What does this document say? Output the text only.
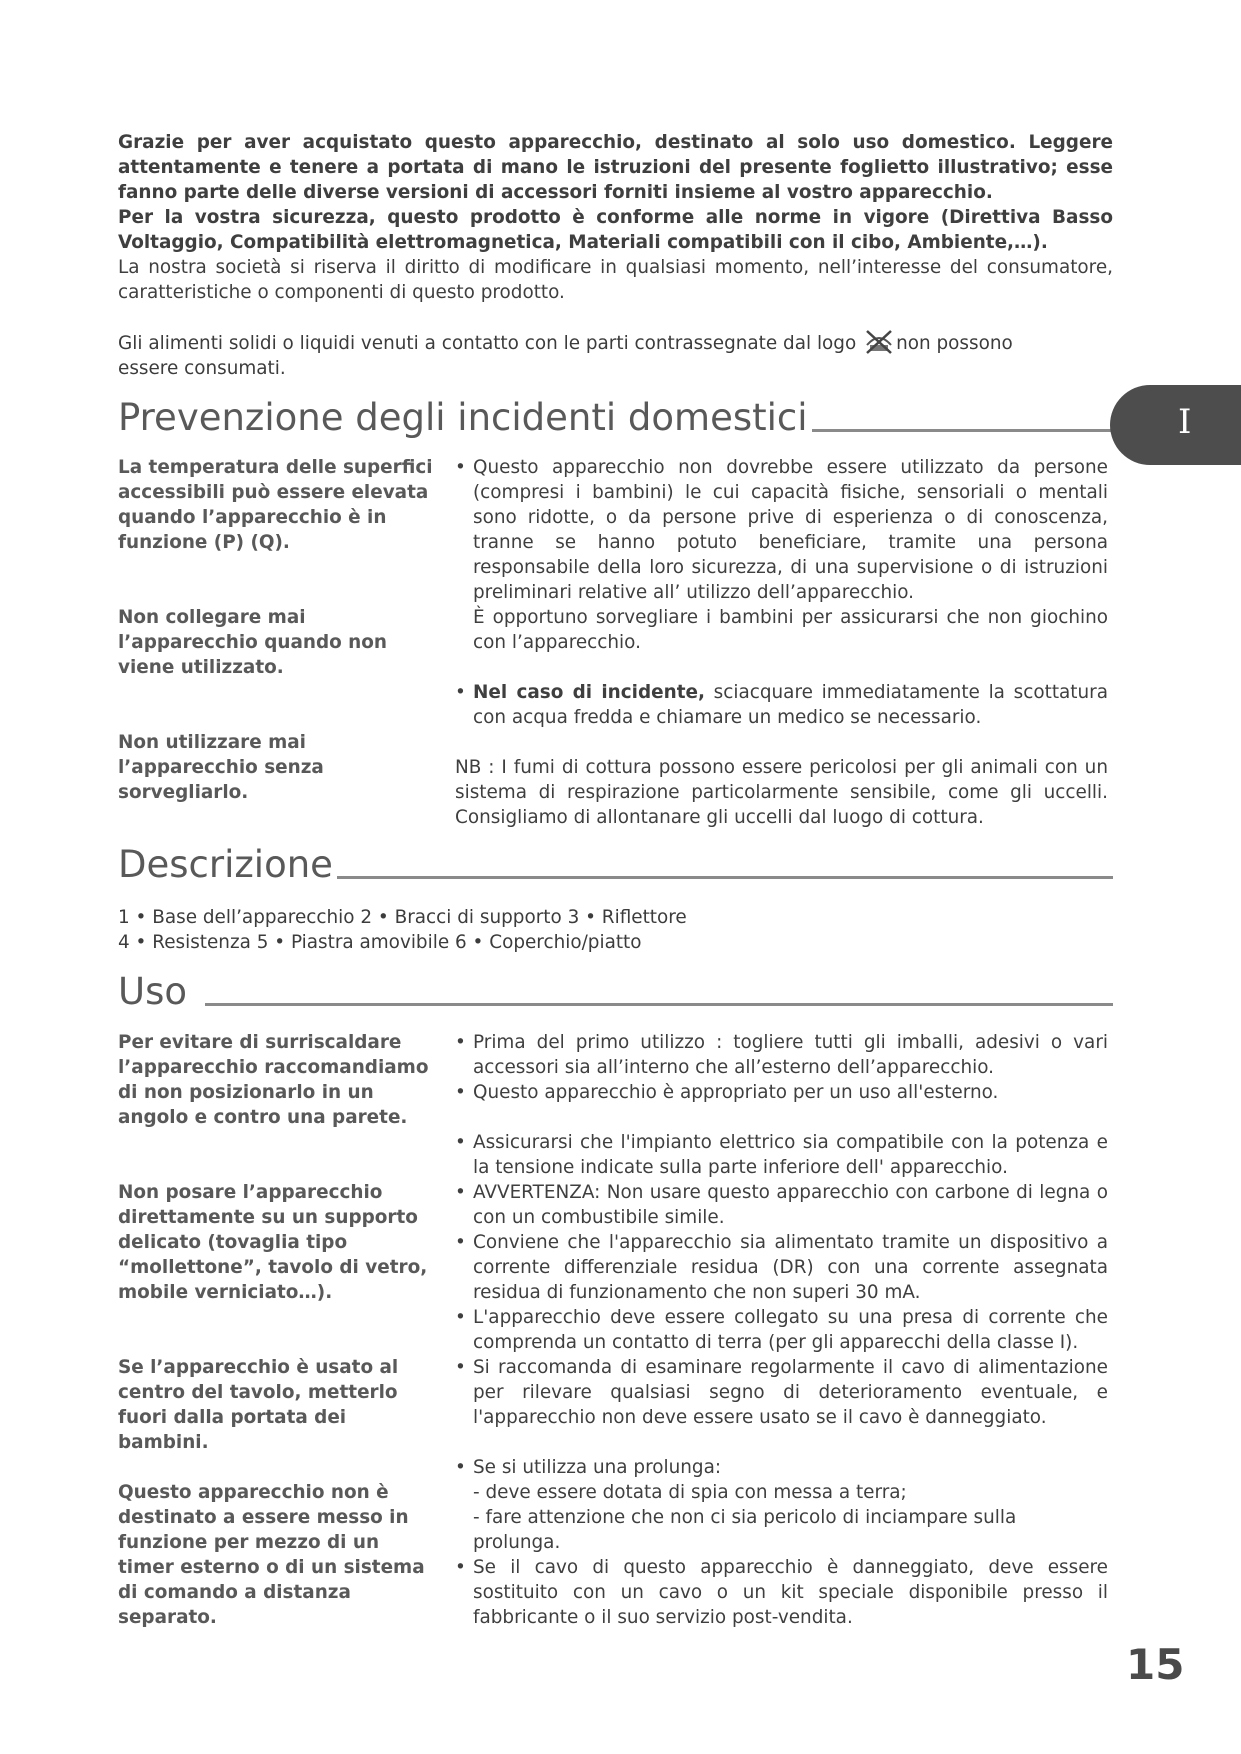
Grazie per aver acquistato questo apparecchio, destinato al solo uso domestico. Leggere attentamente e tenere a portata di mano le istruzioni del presente foglietto illustrativo; esse fanno parte delle diverse versioni di accessori forniti insieme al vostro apparecchio.

Per la vostra sicurezza, questo prodotto è conforme alle norme in vigore (Direttiva Basso Voltaggio, Compatibilità elettromagnetica, Materiali compatibili con il cibo, Ambiente,…).

La nostra società si riserva il diritto di modificare in qualsiasi momento, nell’interesse del consumatore, caratteristiche o componenti di questo prodotto.

Gli alimenti solidi o liquidi venuti a contatto con le parti contrassegnate dal logo non possono essere consumati.

Prevenzione degli incidenti domestici	I
La temperatura delle superfici accessibili può essere elevata quando l’apparecchio è in funzione (P) (Q).
Non collegare mai l’apparecchio quando non viene utilizzato.
Non utilizzare mai l’apparecchio senza sorvegliarlo.
• Questo apparecchio non dovrebbe essere utilizzato da persone (compresi i bambini) le cui capacità fisiche, sensoriali o mentali sono ridotte, o da persone prive di esperienza o di conoscenza, tranne se hanno potuto beneficiare, tramite una persona responsabile della loro sicurezza, di una supervisione o di istruzioni preliminari relative all’ utilizzo dell’apparecchio.
È opportuno sorvegliare i bambini per assicurarsi che non giochino con l’apparecchio.
• Nel caso di incidente, sciacquare immediatamente la scottatura con acqua fredda e chiamare un medico se necessario.
NB : I fumi di cottura possono essere pericolosi per gli animali con un sistema di respirazione particolarmente sensibile, come gli uccelli. Consigliamo di allontanare gli uccelli dal luogo di cottura.
Descrizione

1 • Base dell’apparecchio 2 • Bracci di supporto 3 • Riflettore

4 • Resistenza 5 • Piastra amovibile 6 • Coperchio/piatto

Uso
Per evitare di surriscaldare l’apparecchio raccomandiamo di non posizionarlo in un angolo e contro una parete.
Non posare l’apparecchio direttamente su un supporto delicato (tovaglia tipo “mollettone”, tavolo di vetro, mobile verniciato…).
Se l’apparecchio è usato al centro del tavolo, metterlo fuori dalla portata dei bambini.
Questo apparecchio non è destinato a essere messo in funzione per mezzo di un timer esterno o di un sistema di comando a distanza separato.
• Prima del primo utilizzo : togliere tutti gli imballi, adesivi o vari accessori sia all’interno che all’esterno dell’apparecchio.
• Questo apparecchio è appropriato per un uso all'esterno.
• Assicurarsi che l'impianto elettrico sia compatibile con la potenza e la tensione indicate sulla parte inferiore dell' apparecchio.
• AVVERTENZA: Non usare questo apparecchio con carbone di legna o con un combustibile simile.
• Conviene che l'apparecchio sia alimentato tramite un dispositivo a corrente differenziale residua (DR) con una corrente assegnata residua di funzionamento che non superi 30 mA.
• L'apparecchio deve essere collegato su una presa di corrente che comprenda un contatto di terra (per gli apparecchi della classe I).
• Si raccomanda di esaminare regolarmente il cavo di alimentazione per rilevare qualsiasi segno di deterioramento eventuale, e l'apparecchio non deve essere usato se il cavo è danneggiato.
• Se si utilizza una prolunga:
- deve essere dotata di spia con messa a terra;
- fare attenzione che non ci sia pericolo di inciampare sulla prolunga.
• Se il cavo di questo apparecchio è danneggiato, deve essere sostituito con un cavo o un kit speciale disponibile presso il fabbricante o il suo servizio post-vendita.
15
